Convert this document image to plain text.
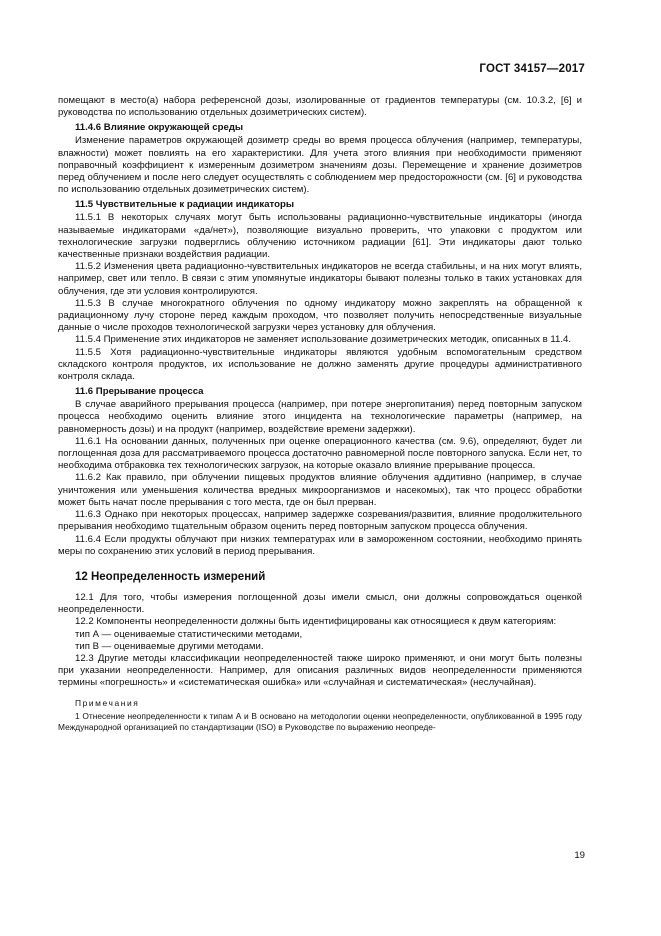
ГОСТ 34157—2017

помещают в место(а) набора референсной дозы, изолированные от градиентов температуры (см. 10.3.2, [6] и руководства по использованию отдельных дозиметрических систем).

11.4.6 Влияние окружающей среды

Изменение параметров окружающей дозиметр среды во время процесса облучения (например, температуры, влажности) может повлиять на его характеристики. Для учета этого влияния при необходимости применяют поправочный коэффициент к измеренным дозиметром значениям дозы. Перемещение и хранение дозиметров перед облучением и после него следует осуществлять с соблюдением мер предосторожности (см. [6] и руководства по использованию отдельных дозиметрических систем).

11.5 Чувствительные к радиации индикаторы

11.5.1 В некоторых случаях могут быть использованы радиационно-чувствительные индикаторы (иногда называемые индикаторами «да/нет»), позволяющие визуально проверить, что упаковки с продуктом или технологические загрузки подверглись облучению источником радиации [61]. Эти индикаторы дают только качественные признаки воздействия радиации.

11.5.2 Изменения цвета радиационно-чувствительных индикаторов не всегда стабильны, и на них могут влиять, например, свет или тепло. В связи с этим упомянутые индикаторы бывают полезны только в таких установках для облучения, где эти условия контролируются.

11.5.3 В случае многократного облучения по одному индикатору можно закреплять на обращенной к радиационному лучу стороне перед каждым проходом, что позволяет получить непосредственные визуальные данные о числе проходов технологической загрузки через установку для облучения.

11.5.4 Применение этих индикаторов не заменяет использование дозиметрических методик, описанных в 11.4.

11.5.5 Хотя радиационно-чувствительные индикаторы являются удобным вспомогательным средством складского контроля продуктов, их использование не должно заменять другие процедуры административного контроля склада.

11.6 Прерывание процесса

В случае аварийного прерывания процесса (например, при потере энергопитания) перед повторным запуском процесса необходимо оценить влияние этого инцидента на технологические параметры (например, на равномерность дозы) и на продукт (например, воздействие времени задержки).

11.6.1 На основании данных, полученных при оценке операционного качества (см. 9.6), определяют, будет ли поглощенная доза для рассматриваемого процесса достаточно равномерной после повторного запуска. Если нет, то необходима отбраковка тех технологических загрузок, на которые оказало влияние прерывание процесса.

11.6.2 Как правило, при облучении пищевых продуктов влияние облучения аддитивно (например, в случае уничтожения или уменьшения количества вредных микроорганизмов и насекомых), так что процесс обработки может быть начат после прерывания с того места, где он был прерван.

11.6.3 Однако при некоторых процессах, например задержке созревания/развития, влияние продолжительного прерывания необходимо тщательным образом оценить перед повторным запуском процесса облучения.

11.6.4 Если продукты облучают при низких температурах или в замороженном состоянии, необходимо принять меры по сохранению этих условий в период прерывания.

12 Неопределенность измерений

12.1 Для того, чтобы измерения поглощенной дозы имели смысл, они должны сопровождаться оценкой неопределенности.

12.2 Компоненты неопределенности должны быть идентифицированы как относящиеся к двум категориям:

тип А — оцениваемые статистическими методами,

тип В — оцениваемые другими методами.

12.3 Другие методы классификации неопределенностей также широко применяют, и они могут быть полезны при указании неопределенности. Например, для описания различных видов неопределенности применяются термины «погрешность» и «систематическая ошибка» или «случайная и систематическая» (неслучайная).

Примечания

1 Отнесение неопределенности к типам А и В основано на методологии оценки неопределенности, опубликованной в 1995 году Международной организацией по стандартизации (ISO) в Руководстве по выражению неопреде-

19
